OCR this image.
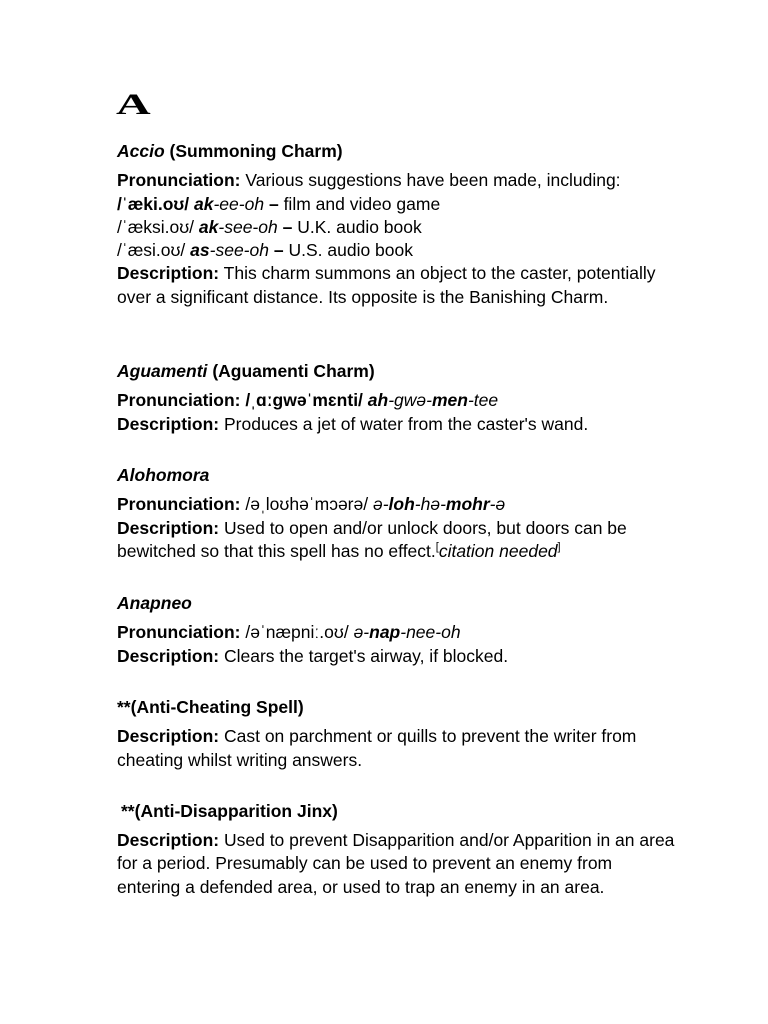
A

Accio (Summoning Charm)

Pronunciation: Various suggestions have been made, including:

/ˈæki.oʊ/ ak-ee-oh – film and video game

/ˈæksi.oʊ/ ak-see-oh – U.K. audio book

/ˈæsi.oʊ/ as-see-oh – U.S. audio book

Description: This charm summons an object to the caster, potentially over a significant distance. Its opposite is the Banishing Charm.

Aguamenti (Aguamenti Charm)

Pronunciation: /ˌɑːɡwəˈmɛnti/ ah-gwə-men-tee

Description: Produces a jet of water from the caster's wand.

Alohomora

Pronunciation: /əˌloʊhəˈmɔərə/ ə-loh-hə-mohr-ə

Description: Used to open and/or unlock doors, but doors can be bewitched so that this spell has no effect.[citation needed]

Anapneo

Pronunciation: /əˈnæpniː.oʊ/ ə-nap-nee-oh

Description: Clears the target's airway, if blocked.

**(Anti-Cheating Spell)

Description: Cast on parchment or quills to prevent the writer from cheating whilst writing answers.

**(Anti-Disapparition Jinx)

Description: Used to prevent Disapparition and/or Apparition in an area for a period. Presumably can be used to prevent an enemy from entering a defended area, or used to trap an enemy in an area.
